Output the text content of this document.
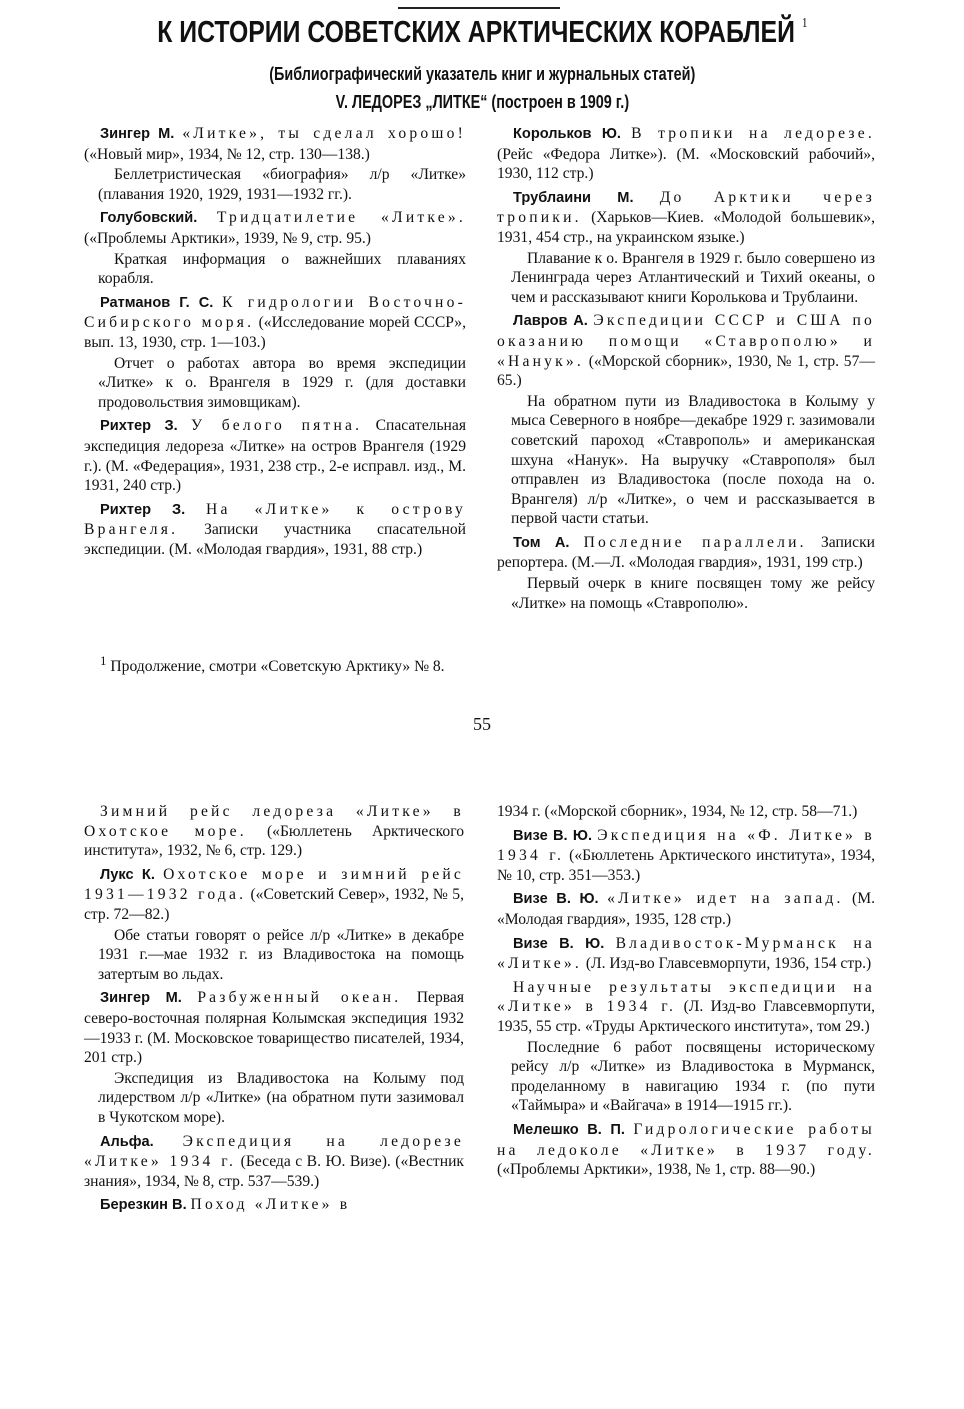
К ИСТОРИИ СОВЕТСКИХ АРКТИЧЕСКИХ КОРАБЛЕЙ $^1$
(Библиографический указатель книг и журнальных статей)
V. ЛЕДОРЕЗ „ЛИТКЕ“ (построен в 1909 г.)

Зингер М. «Литке», ты сделал хорошо! («Новый мир», 1934, № 12, стр. 130—138.)

Беллетристическая «биография» л/р «Литке» (плавания 1920, 1929, 1931—1932 гг.).

Голубовский. Тридцатилетие «Литке». («Проблемы Арктики», 1939, № 9, стр. 95.)

Краткая информация о важнейших плаваниях корабля.

Ратманов Г. С. К гидрологии Восточно-Сибирского моря. («Исследование морей СССР», вып. 13, 1930, стр. 1—103.)

Отчет о работах автора во время экспедиции «Литке» к о. Врангеля в 1929 г. (для доставки продовольствия зимовщикам).

Рихтер З. У белого пятна. Спасательная экспедиция ледореза «Литке» на остров Врангеля (1929 г.). (М. «Федерация», 1931, 238 стр., 2-е исправл. изд., М. 1931, 240 стр.)

Рихтер З. На «Литке» к острову Врангеля. Записки участника спасательной экспедиции. (М. «Молодая гвардия», 1931, 88 стр.)

Корольков Ю. В тропики на ледорезе. (Рейс «Федора Литке»). (М. «Московский рабочий», 1930, 112 стр.)

Трублаини М. До Арктики через тропики. (Харьков—Киев. «Молодой большевик», 1931, 454 стр., на украинском языке.)

Плавание к о. Врангеля в 1929 г. было совершено из Ленинграда через Атлантический и Тихий океаны, о чем и рассказывают книги Королькова и Трублаини.

Лавров А. Экспедиции СССР и США по оказанию помощи «Ставрополю» и «Нанук». («Морской сборник», 1930, № 1, стр. 57—65.)

На обратном пути из Владивостока в Колыму у мыса Северного в ноябре—декабре 1929 г. зазимовали советский пароход «Ставрополь» и американская шхуна «Нанук». На выручку «Ставрополя» был отправлен из Владивостока (после похода на о. Врангеля) л/р «Литке», о чем и рассказывается в первой части статьи.

Том А. Последние параллели. Записки репортера. (М.—Л. «Молодая гвардия», 1931, 199 стр.)

Первый очерк в книге посвящен тому же рейсу «Литке» на помощь «Ставрополю».

$^1$ Продолжение, смотри «Советскую Арктику» № 8.
55

Зимний рейс ледореза «Литке» в Охотское море. («Бюллетень Арктического института», 1932, № 6, стр. 129.)

Лукс К. Охотское море и зимний рейс 1931—1932 года. («Советский Север», 1932, № 5, стр. 72—82.)

Обе статьи говорят о рейсе л/р «Литке» в декабре 1931 г.—мае 1932 г. из Владивостока на помощь затертым во льдах.

Зингер М. Разбуженный океан. Первая северо-восточная полярная Колымская экспедиция 1932—1933 г. (М. Московское товарищество писателей, 1934, 201 стр.)

Экспедиция из Владивостока на Колыму под лидерством л/р «Литке» (на обратном пути зазимовал в Чукотском море).

Альфа. Экспедиция на ледорезе «Литке» 1934 г. (Беседа с В. Ю. Визе). («Вестник знания», 1934, № 8, стр. 537—539.)

Березкин В. Поход «Литке» в

1934 г. («Морской сборник», 1934, № 12, стр. 58—71.)

Визе В. Ю. Экспедиция на «Ф. Литке» в 1934 г. («Бюллетень Арктического института», 1934, № 10, стр. 351—353.)

Визе В. Ю. «Литке» идет на запад. (М. «Молодая гвардия», 1935, 128 стр.)

Визе В. Ю. Владивосток-Мурманск на «Литке». (Л. Изд-во Главсевморпути, 1936, 154 стр.)

Научные результаты экспедиции на «Литке» в 1934 г. (Л. Изд-во Главсевморпути, 1935, 55 стр. «Труды Арктического института», том 29.)

Последние 6 работ посвящены историческому рейсу л/р «Литке» из Владивостока в Мурманск, проделанному в навигацию 1934 г. (по пути «Таймыра» и «Вайгача» в 1914—1915 гг.).

Мелешко В. П. Гидрологические работы на ледоколе «Литке» в 1937 году. («Проблемы Арктики», 1938, № 1, стр. 88—90.)
